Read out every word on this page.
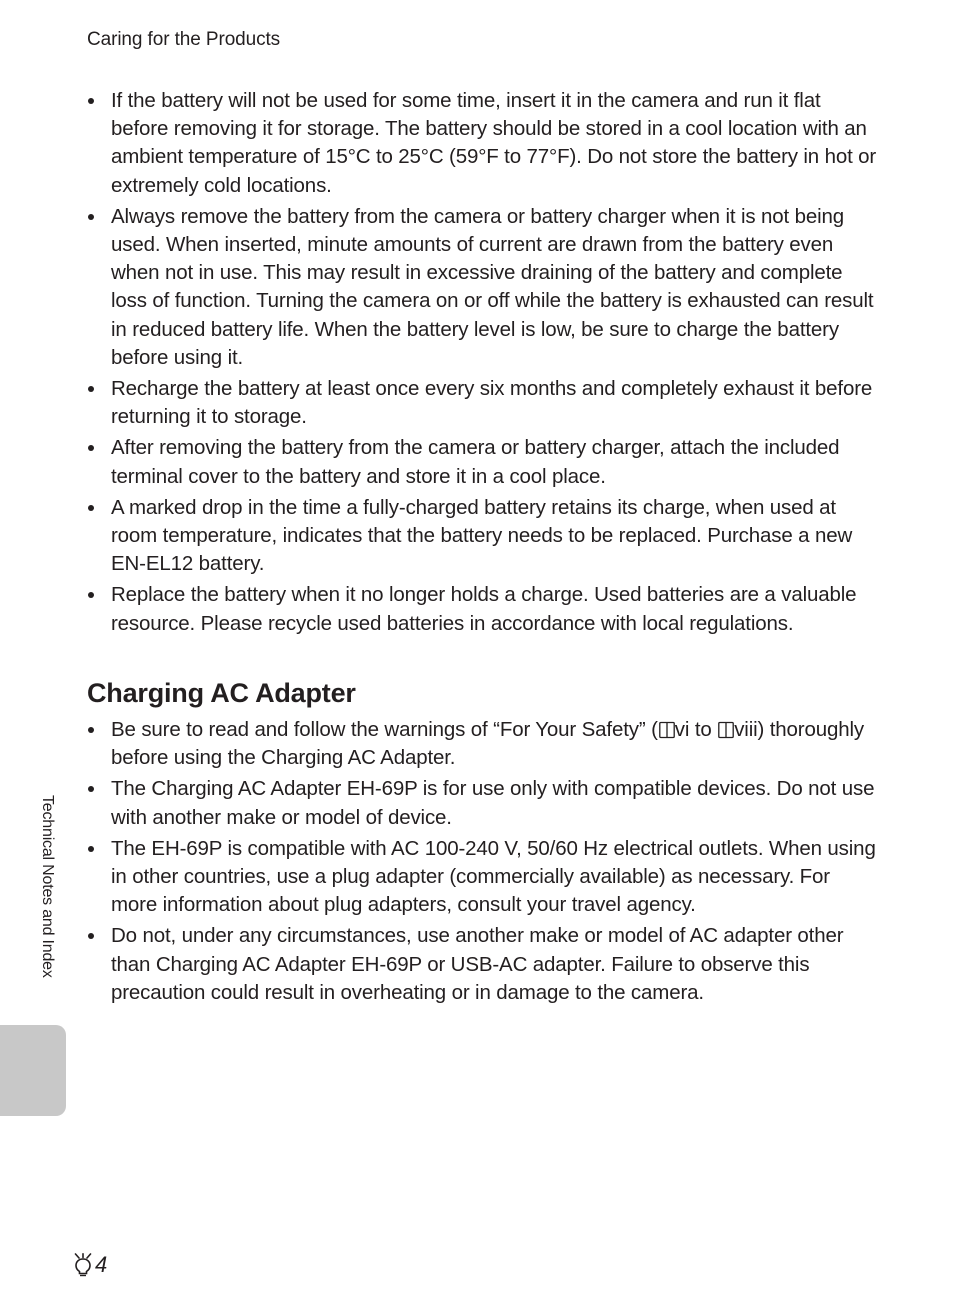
Caring for the Products
If the battery will not be used for some time, insert it in the camera and run it flat before removing it for storage. The battery should be stored in a cool location with an ambient temperature of 15°C to 25°C (59°F to 77°F). Do not store the battery in hot or extremely cold locations.
Always remove the battery from the camera or battery charger when it is not being used. When inserted, minute amounts of current are drawn from the battery even when not in use. This may result in excessive draining of the battery and complete loss of function. Turning the camera on or off while the battery is exhausted can result in reduced battery life. When the battery level is low, be sure to charge the battery before using it.
Recharge the battery at least once every six months and completely exhaust it before returning it to storage.
After removing the battery from the camera or battery charger, attach the included terminal cover to the battery and store it in a cool place.
A marked drop in the time a fully-charged battery retains its charge, when used at room temperature, indicates that the battery needs to be replaced. Purchase a new EN-EL12 battery.
Replace the battery when it no longer holds a charge. Used batteries are a valuable resource. Please recycle used batteries in accordance with local regulations.
Charging AC Adapter
Be sure to read and follow the warnings of “For Your Safety” ( vi to viii) thoroughly before using the Charging AC Adapter.
The Charging AC Adapter EH-69P is for use only with compatible devices. Do not use with another make or model of device.
The EH-69P is compatible with AC 100-240 V, 50/60 Hz electrical outlets. When using in other countries, use a plug adapter (commercially available) as necessary. For more information about plug adapters, consult your travel agency.
Do not, under any circumstances, use another make or model of AC adapter other than Charging AC Adapter EH-69P or USB-AC adapter. Failure to observe this precaution could result in overheating or in damage to the camera.
Technical Notes and Index
4
